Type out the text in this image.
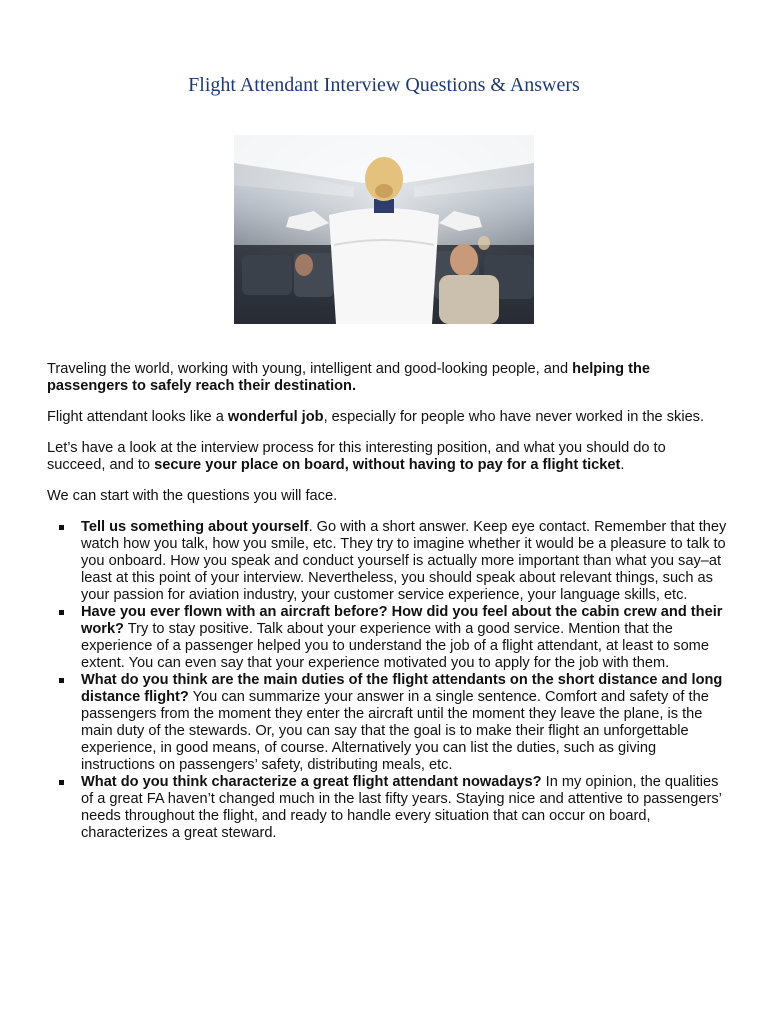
Flight Attendant Interview Questions & Answers

Traveling the world, working with young, intelligent and good-looking people, and helping the passengers to safely reach their destination.

Flight attendant looks like a wonderful job, especially for people who have never worked in the skies.

Let’s have a look at the interview process for this interesting position, and what you should do to succeed, and to secure your place on board, without having to pay for a flight ticket.

We can start with the questions you will face.

Tell us something about yourself. Go with a short answer. Keep eye contact. Remember that they watch how you talk, how you smile, etc. They try to imagine whether it would be a pleasure to talk to you onboard. How you speak and conduct yourself is actually more important than what you say–at least at this point of your interview. Nevertheless, you should speak about relevant things, such as your passion for aviation industry, your customer service experience, your language skills, etc.
Have you ever flown with an aircraft before? How did you feel about the cabin crew and their work? Try to stay positive. Talk about your experience with a good service. Mention that the experience of a passenger helped you to understand the job of a flight attendant, at least to some extent. You can even say that your experience motivated you to apply for the job with them.
What do you think are the main duties of the flight attendants on the short distance and long distance flight? You can summarize your answer in a single sentence. Comfort and safety of the passengers from the moment they enter the aircraft until the moment they leave the plane, is the main duty of the stewards. Or, you can say that the goal is to make their flight an unforgettable experience, in good means, of course. Alternatively you can list the duties, such as giving instructions on passengers’ safety, distributing meals, etc.
What do you think characterize a great flight attendant nowadays? In my opinion, the qualities of a great FA haven’t changed much in the last fifty years. Staying nice and attentive to passengers’ needs throughout the flight, and ready to handle every situation that can occur on board, characterizes a great steward.
